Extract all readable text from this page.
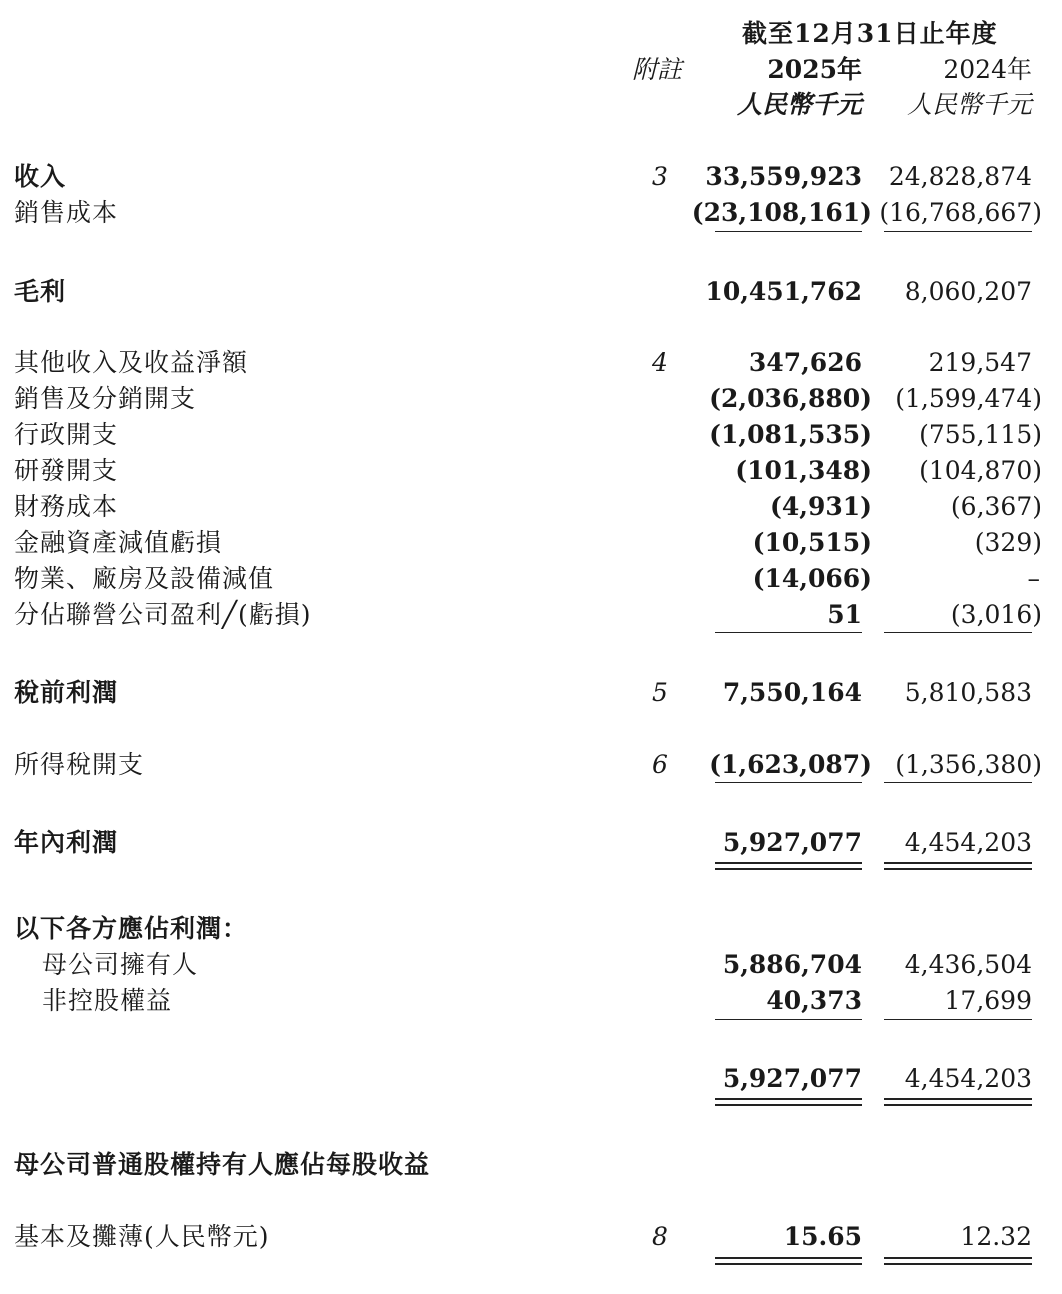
截至12月31日止年度
附註	2025年	2024年
人民幣千元 人民幣千元
收入	3	33,559,923 24,828,874
銷售成本	(23,108,161) (16,768,667)
毛利	10,451,762 8,060,207
其他收入及收益淨額	4	347,626	219,547
銷售及分銷開支	(2,036,880) (1,599,474)
行政開支	(1,081,535) (755,115)
研發開支	(101,348) (104,870)
財務成本	(4,931)	(6,367)
金融資產減值虧損	(10,515)	(329)
物業、廠房及設備減值	(14,066)	–
分佔聯營公司盈利╱(虧損)	51	(3,016)
稅前利潤	5	7,550,164 5,810,583
所得稅開支	6	(1,623,087) (1,356,380)
年內利潤	5,927,077 4,454,203
以下各方應佔利潤：
母公司擁有人	5,886,704 4,436,504
非控股權益	40,373	17,699
5,927,077 4,454,203
母公司普通股權持有人應佔每股收益
基本及攤薄(人民幣元)	8	15.65	12.32
